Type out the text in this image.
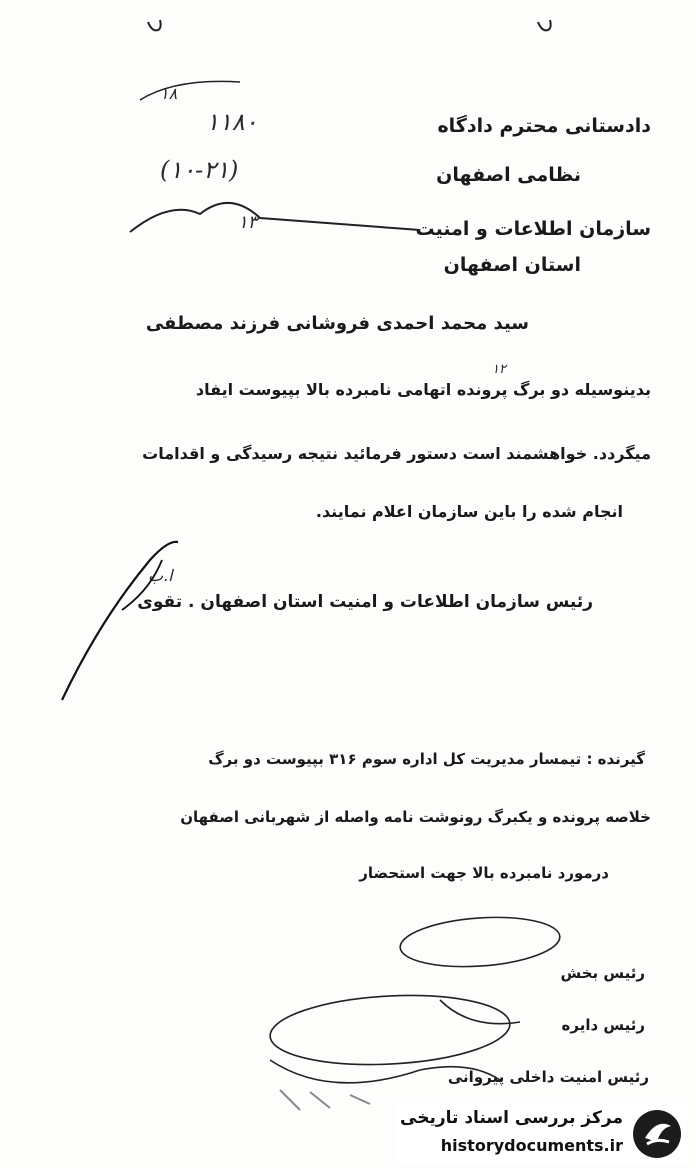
۱۸
۱۱۸۰
(۱۰-۲۱)
۱۳
دادستانی محترم دادگاه
نظامی اصفهان
سازمان اطلاعات و امنیت
استان اصفهان
سید محمد احمدی فروشانی فرزند مصطفی
۱۲
بدینوسیله دو برگ پرونده اتهامی نامبرده بالا بپیوست ایفاد
میگردد. خواهشمند است دستور فرمائید نتیجه رسیدگی و اقدامات
انجام شده را باین سازمان اعلام نمایند.
ا.ب
رئیس سازمان اطلاعات و امنیت استان اصفهان . تقوی
گیرنده : تیمسار مدیریت کل اداره سوم ۳۱۶ بپیوست دو برگ
خلاصه پرونده و یکبرگ رونوشت نامه واصله از شهربانی اصفهان
درمورد نامبرده بالا جهت استحضار
رئیس بخش
رئیس دایره
رئیس امنیت داخلی پیروانی
مرکز بررسی اسناد تاریخی
historydocuments.ir
